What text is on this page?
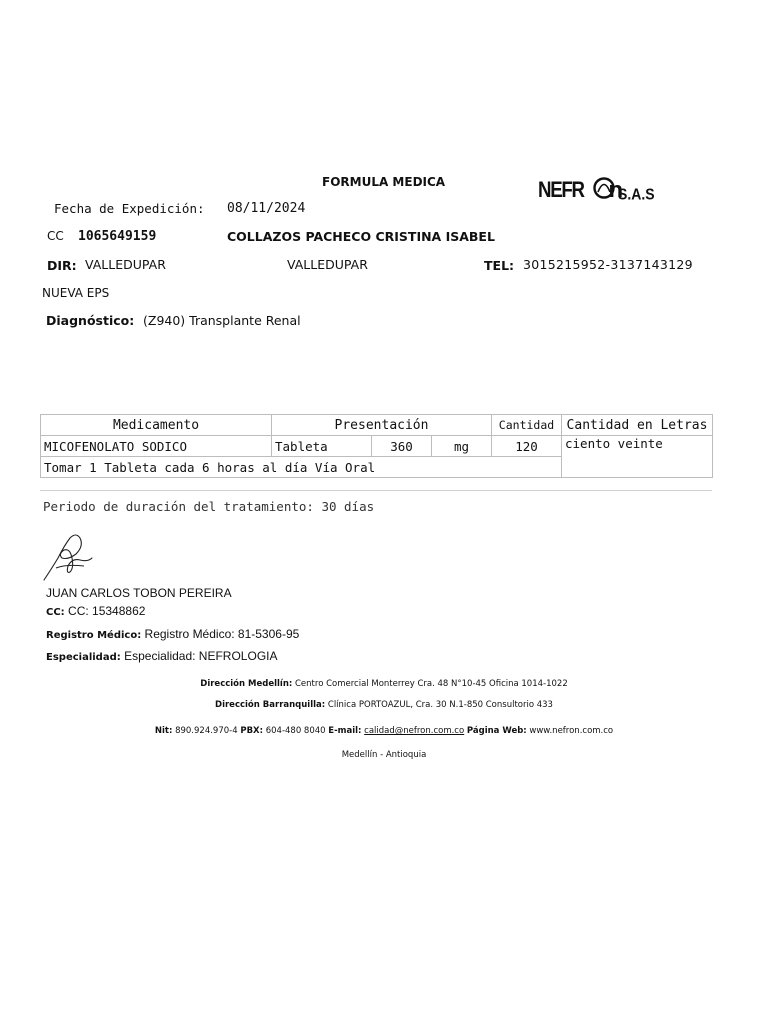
FORMULA MEDICA	NEFR n
S.A.S
Fecha de Expedición: 08/11/2024
CC 1065649159	COLLAZOS PACHECO CRISTINA ISABEL
DIR: VALLEDUPAR	VALLEDUPAR	TEL: 3015215952-3137143129
NUEVA EPS
Diagnóstico: (Z940) Transplante Renal
Medicamento	Presentación			Cantidad	Cantidad en Letras
MICOFENOLATO SODICO	Tableta	360	mg	120	ciento veinte
Tomar 1 Tableta cada 6 horas al día Vía Oral					
Periodo de duración del tratamiento: 30 días
JUAN CARLOS TOBON PEREIRA
CC: CC: 15348862
Registro Médico: Registro Médico: 81-5306-95
Especialidad: Especialidad: NEFROLOGIA
Dirección Medellín: Centro Comercial Monterrey Cra. 48 N°10-45 Oficina 1014-1022
Dirección Barranquilla: Clínica PORTOAZUL, Cra. 30 N.1-850 Consultorio 433
Nit: 890.924.970-4 PBX: 604-480 8040 E-mail: calidad@nefron.com.co Página Web: www.nefron.com.co
Medellín - Antioquia
